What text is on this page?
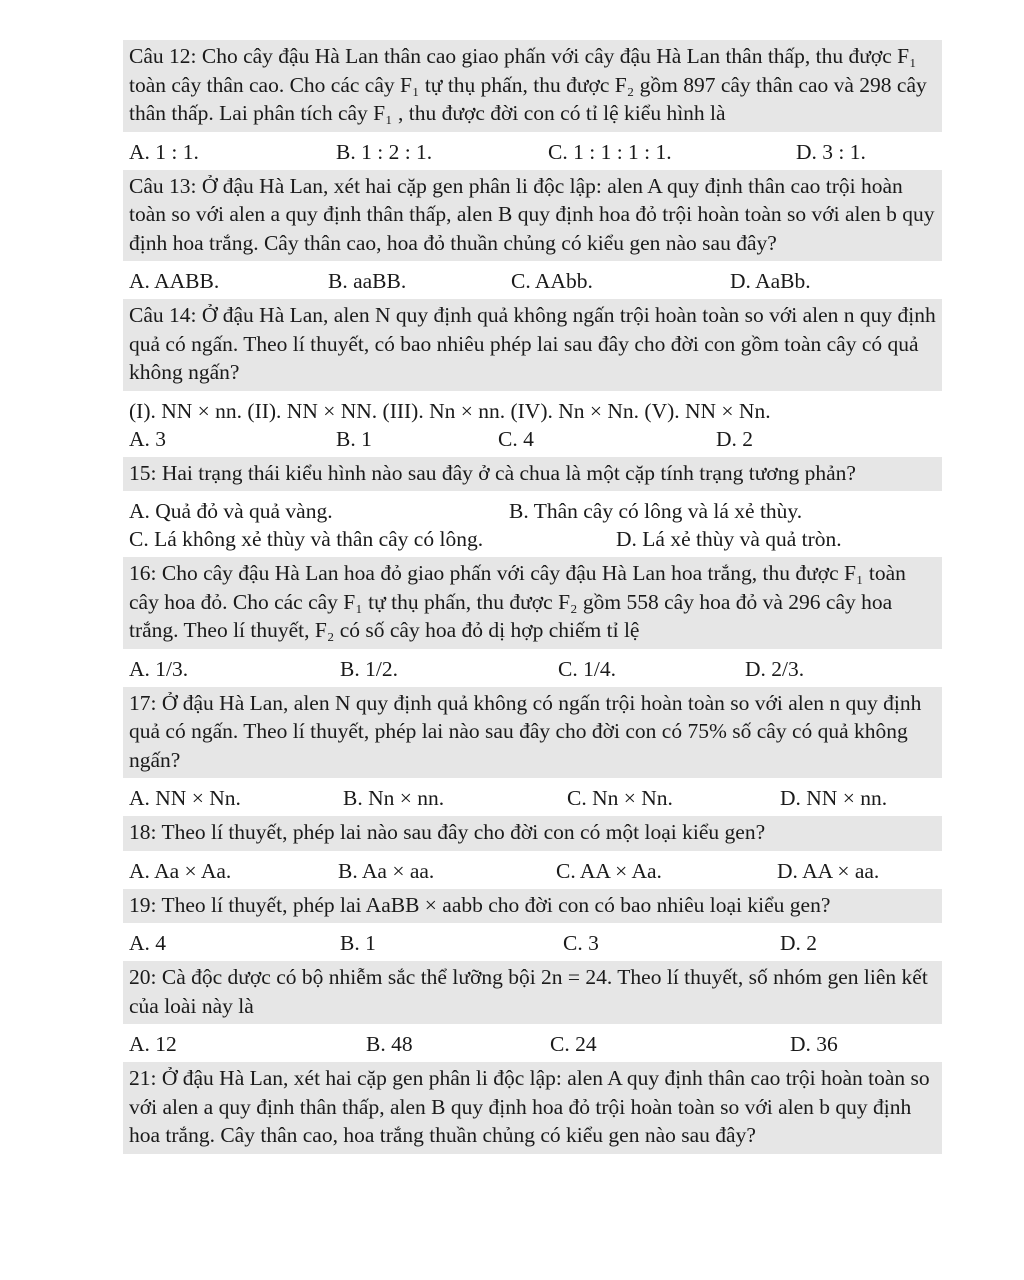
Câu 12: Cho cây đậu Hà Lan thân cao giao phấn với cây đậu Hà Lan thân thấp, thu được F₁ toàn cây thân cao. Cho các cây F₁ tự thụ phấn, thu được F₂ gồm 897 cây thân cao và 298 cây thân thấp. Lai phân tích cây F₁ , thu được đời con có tỉ lệ kiểu hình là
A. 1 : 1.	B. 1 : 2 : 1.	C. 1 : 1 : 1 : 1.	D. 3 : 1.
Câu 13: Ở đậu Hà Lan, xét hai cặp gen phân li độc lập: alen A quy định thân cao trội hoàn toàn so với alen a quy định thân thấp, alen B quy định hoa đỏ trội hoàn toàn so với alen b quy định hoa trắng. Cây thân cao, hoa đỏ thuần chủng có kiểu gen nào sau đây?
A. AABB.	B. aaBB.	C. AAbb.	D. AaBb.
Câu 14: Ở đậu Hà Lan, alen N quy định quả không ngấn trội hoàn toàn so với alen n quy định quả có ngấn. Theo lí thuyết, có bao nhiêu phép lai sau đây cho đời con gồm toàn cây có quả không ngấn?
(I). NN × nn. (II). NN × NN. (III). Nn × nn. (IV). Nn × Nn. (V). NN × Nn.
A. 3	B. 1	C. 4	D. 2
15: Hai trạng thái kiểu hình nào sau đây ở cà chua là một cặp tính trạng tương phản?
A. Quả đỏ và quả vàng.	B. Thân cây có lông và lá xẻ thùy.
C. Lá không xẻ thùy và thân cây có lông.	D. Lá xẻ thùy và quả tròn.
16: Cho cây đậu Hà Lan hoa đỏ giao phấn với cây đậu Hà Lan hoa trắng, thu được F₁ toàn cây hoa đỏ. Cho các cây F₁ tự thụ phấn, thu được F₂ gồm 558 cây hoa đỏ và 296 cây hoa trắng. Theo lí thuyết, F₂ có số cây hoa đỏ dị hợp chiếm tỉ lệ
A. 1/3.	B. 1/2.	C. 1/4.	D. 2/3.
17: Ở đậu Hà Lan, alen N quy định quả không có ngấn trội hoàn toàn so với alen n quy định quả có ngấn. Theo lí thuyết, phép lai nào sau đây cho đời con có 75% số cây có quả không ngấn?
A. NN × Nn.	B. Nn × nn.	C. Nn × Nn.	D. NN × nn.
18: Theo lí thuyết, phép lai nào sau đây cho đời con có một loại kiểu gen?
A. Aa × Aa.	B. Aa × aa.	C. AA × Aa.	D. AA × aa.
19: Theo lí thuyết, phép lai AaBB × aabb cho đời con có bao nhiêu loại kiểu gen?
A. 4	B. 1	C. 3	D. 2
20: Cà độc dược có bộ nhiễm sắc thể lưỡng bội 2n = 24. Theo lí thuyết, số nhóm gen liên kết của loài này là
A. 12	B. 48	C. 24	D. 36
21: Ở đậu Hà Lan, xét hai cặp gen phân li độc lập: alen A quy định thân cao trội hoàn toàn so với alen a quy định thân thấp, alen B quy định hoa đỏ trội hoàn toàn so với alen b quy định hoa trắng. Cây thân cao, hoa trắng thuần chủng có kiểu gen nào sau đây?
